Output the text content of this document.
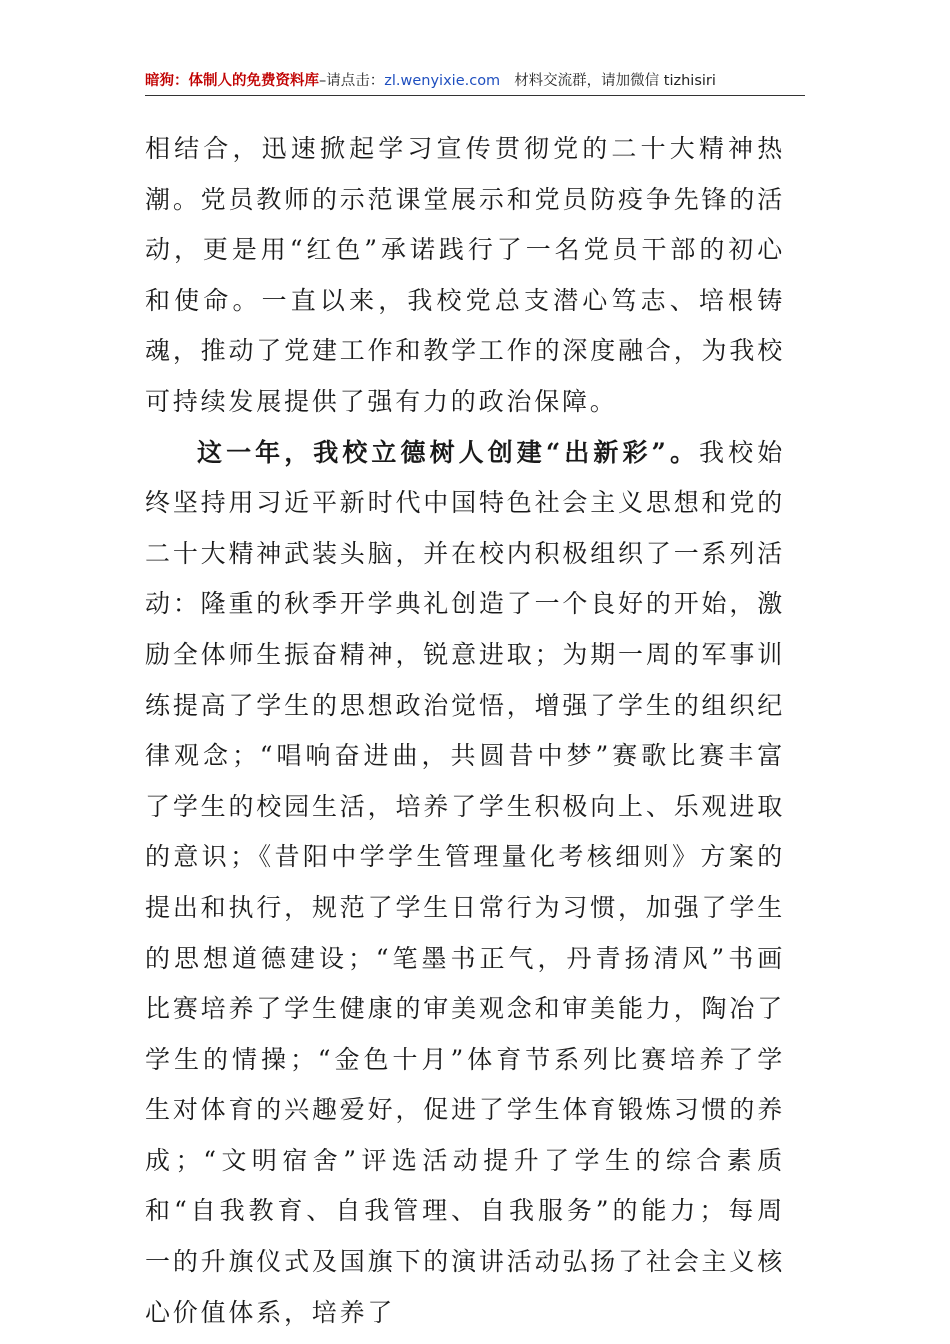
暗狗：体制人的免费资料库–请点击：zl.wenyixie.com 材料交流群，请加微信 tizhisiri

相结合，迅速掀起学习宣传贯彻党的二十大精神热潮。党员教师的示范课堂展示和党员防疫争先锋的活动，更是用“红色”承诺践行了一名党员干部的初心和使命。一直以来，我校党总支潜心笃志、培根铸魂，推动了党建工作和教学工作的深度融合，为我校可持续发展提供了强有力的政治保障。

这一年，我校立德树人创建“出新彩”。我校始终坚持用习近平新时代中国特色社会主义思想和党的二十大精神武装头脑，并在校内积极组织了一系列活动：隆重的秋季开学典礼创造了一个良好的开始，激励全体师生振奋精神，锐意进取；为期一周的军事训练提高了学生的思想政治觉悟，增强了学生的组织纪律观念；“唱响奋进曲，共圆昔中梦”赛歌比赛丰富了学生的校园生活，培养了学生积极向上、乐观进取的意识；《昔阳中学学生管理量化考核细则》方案的提出和执行，规范了学生日常行为习惯，加强了学生的思想道德建设；“笔墨书正气，丹青扬清风”书画比赛培养了学生健康的审美观念和审美能力，陶冶了学生的情操；“金色十月”体育节系列比赛培养了学生对体育的兴趣爱好，促进了学生体育锻炼习惯的养成；“文明宿舍”评选活动提升了学生的综合素质和“自我教育、自我管理、自我服务”的能力；每周一的升旗仪式及国旗下的演讲活动弘扬了社会主义核心价值体系，培养了
